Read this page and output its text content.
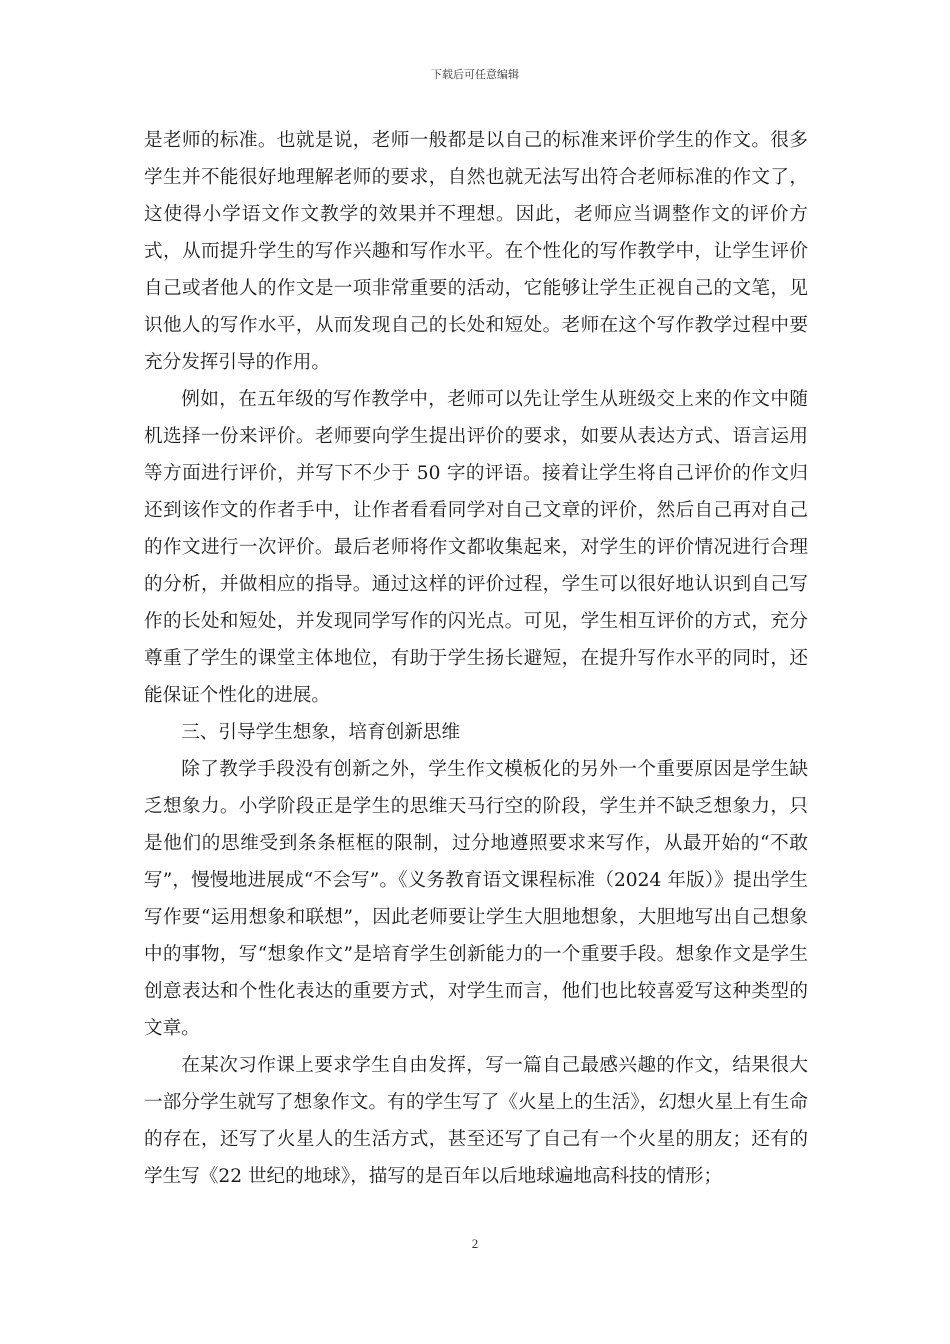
下载后可任意编辑

是老师的标准。也就是说，老师一般都是以自己的标准来评价学生的作文。很多学生并不能很好地理解老师的要求，自然也就无法写出符合老师标准的作文了，这使得小学语文作文教学的效果并不理想。因此，老师应当调整作文的评价方式，从而提升学生的写作兴趣和写作水平。在个性化的写作教学中，让学生评价自己或者他人的作文是一项非常重要的活动，它能够让学生正视自己的文笔，见识他人的写作水平，从而发现自己的长处和短处。老师在这个写作教学过程中要充分发挥引导的作用。

例如，在五年级的写作教学中，老师可以先让学生从班级交上来的作文中随机选择一份来评价。老师要向学生提出评价的要求，如要从表达方式、语言运用等方面进行评价，并写下不少于 50 字的评语。接着让学生将自己评价的作文归还到该作文的作者手中，让作者看看同学对自己文章的评价，然后自己再对自己的作文进行一次评价。最后老师将作文都收集起来，对学生的评价情况进行合理的分析，并做相应的指导。通过这样的评价过程，学生可以很好地认识到自己写作的长处和短处，并发现同学写作的闪光点。可见，学生相互评价的方式，充分尊重了学生的课堂主体地位，有助于学生扬长避短，在提升写作水平的同时，还能保证个性化的进展。

三、引导学生想象，培育创新思维

除了教学手段没有创新之外，学生作文模板化的另外一个重要原因是学生缺乏想象力。小学阶段正是学生的思维天马行空的阶段，学生并不缺乏想象力，只是他们的思维受到条条框框的限制，过分地遵照要求来写作，从最开始的“不敢写”，慢慢地进展成“不会写”。《义务教育语文课程标准（2024 年版）》提出学生写作要“运用想象和联想”，因此老师要让学生大胆地想象，大胆地写出自己想象中的事物，写“想象作文”是培育学生创新能力的一个重要手段。想象作文是学生创意表达和个性化表达的重要方式，对学生而言，他们也比较喜爱写这种类型的文章。

在某次习作课上要求学生自由发挥，写一篇自己最感兴趣的作文，结果很大一部分学生就写了想象作文。有的学生写了《火星上的生活》，幻想火星上有生命的存在，还写了火星人的生活方式，甚至还写了自己有一个火星的朋友；还有的学生写《22 世纪的地球》，描写的是百年以后地球遍地高科技的情形；

2
